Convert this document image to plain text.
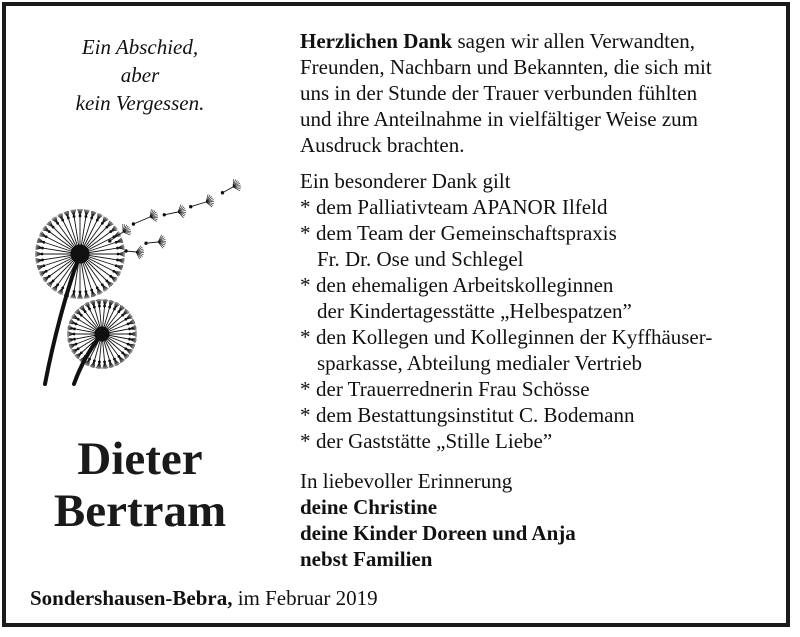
Ein Abschied,
aber
kein Vergessen.
Dieter
Bertram
Herzlichen Dank sagen wir allen Verwandten,
Freunden, Nachbarn und Bekannten, die sich mit
uns in der Stunde der Trauer verbunden fühlten
und ihre Anteilnahme in vielfältiger Weise zum
Ausdruck brachten.
Ein besonderer Dank gilt
* dem Palliativteam APANOR Ilfeld
* dem Team der Gemeinschaftspraxis
Fr. Dr. Ose und Schlegel
* den ehemaligen Arbeitskolleginnen
der Kindertagesstätte „Helbespatzen”
* den Kollegen und Kolleginnen der Kyffhäuser-
sparkasse, Abteilung medialer Vertrieb
* der Trauerrednerin Frau Schösse
* dem Bestattungsinstitut C. Bodemann
* der Gaststätte „Stille Liebe”
In liebevoller Erinnerung
deine Christine
deine Kinder Doreen und Anja
nebst Familien
Sondershausen-Bebra, im Februar 2019
